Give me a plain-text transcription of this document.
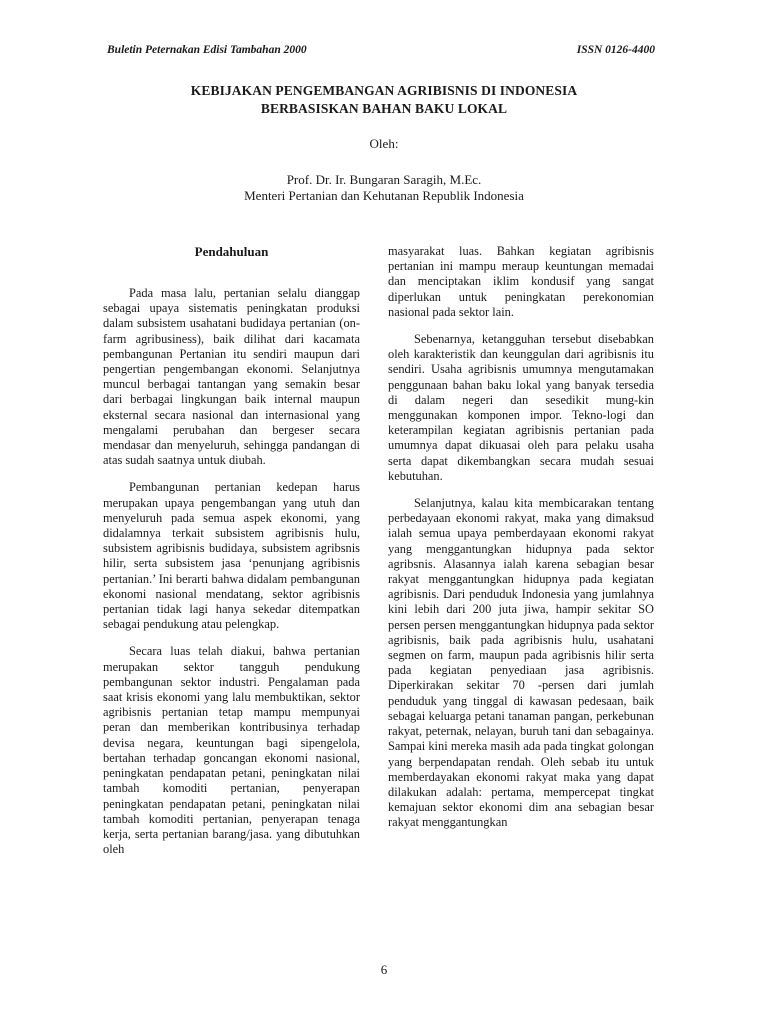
Buletin Peternakan Edisi Tambahan 2000	ISSN 0126-4400
KEBIJAKAN PENGEMBANGAN AGRIBISNIS DI INDONESIA
BERBASISKAN BAHAN BAKU LOKAL
Oleh:
Prof. Dr. Ir. Bungaran Saragih, M.Ec.
Menteri Pertanian dan Kehutanan Republik Indonesia
Pendahuluan

Pada masa lalu, pertanian selalu dianggap sebagai upaya sistematis peningkatan produksi dalam subsistem usahatani budidaya pertanian (on-farm agribusiness), baik dilihat dari kacamata pembangunan Pertanian itu sendiri maupun dari pengertian pengembangan ekonomi. Selanjutnya muncul berbagai tantangan yang semakin besar dari berbagai lingkungan baik internal maupun eksternal secara nasional dan internasional yang mengalami perubahan dan bergeser secara mendasar dan menyeluruh, sehingga pandangan di atas sudah saatnya untuk diubah.

Pembangunan pertanian kedepan harus merupakan upaya pengembangan yang utuh dan menyeluruh pada semua aspek ekonomi, yang didalamnya terkait subsistem agribisnis hulu, subsistem agribisnis budidaya, subsistem agribsnis hilir, serta subsistem jasa ‘penunjang agribisnis pertanian.’ Ini berarti bahwa didalam pembangunan ekonomi nasional mendatang, sektor agribisnis pertanian tidak lagi hanya sekedar ditempatkan sebagai pendukung atau pelengkap.

Secara luas telah diakui, bahwa pertanian merupakan sektor tangguh pendukung pembangunan sektor industri. Pengalaman pada saat krisis ekonomi yang lalu membuktikan, sektor agribisnis pertanian tetap mampu mempunyai peran dan memberikan kontribusinya terhadap devisa negara, keuntungan bagi sipengelola, bertahan terhadap goncangan ekonomi nasional, peningkatan pendapatan petani, peningkatan nilai tambah komoditi pertanian, penyerapan peningkatan pendapatan petani, peningkatan nilai tambah komoditi pertanian, penyerapan tenaga kerja, serta pertanian barang/jasa. yang dibutuhkan oleh

masyarakat luas. Bahkan kegiatan agribisnis pertanian ini mampu meraup keuntungan memadai dan menciptakan iklim kondusif yang sangat diperlukan untuk peningkatan perekonomian nasional pada sektor lain.

Sebenarnya, ketangguhan tersebut disebabkan oleh karakteristik dan keunggulan dari agribisnis itu sendiri. Usaha agribisnis umumnya mengutamakan penggunaan bahan baku lokal yang banyak tersedia di dalam negeri dan sesedikit mung-kin menggunakan komponen impor. Tekno-logi dan keterampilan kegiatan agribisnis pertanian pada umumnya dapat dikuasai oleh para pelaku usaha serta dapat dikembangkan secara mudah sesuai kebutuhan.

Selanjutnya, kalau kita membicarakan tentang perbedayaan ekonomi rakyat, maka yang dimaksud ialah semua upaya pemberdayaan ekonomi rakyat yang menggantungkan hidupnya pada sektor agribsnis. Alasannya ialah karena sebagian besar rakyat menggantungkan hidupnya pada kegiatan agribisnis. Dari penduduk Indonesia yang jumlahnya kini lebih dari 200 juta jiwa, hampir sekitar SO persen persen menggantungkan hidupnya pada sektor agribisnis, baik pada agribisnis hulu, usahatani segmen on farm, maupun pada agribisnis hilir serta pada kegiatan penyediaan jasa agribisnis. Diperkirakan sekitar 70 -persen dari jumlah penduduk yang tinggal di kawasan pedesaan, baik sebagai keluarga petani tanaman pangan, perkebunan rakyat, peternak, nelayan, buruh tani dan sebagainya. Sampai kini mereka masih ada pada tingkat golongan yang berpendapatan rendah. Oleh sebab itu untuk memberdayakan ekonomi rakyat maka yang dapat dilakukan adalah: pertama, mempercepat tingkat kemajuan sektor ekonomi dim ana sebagian besar rakyat menggantungkan

6
